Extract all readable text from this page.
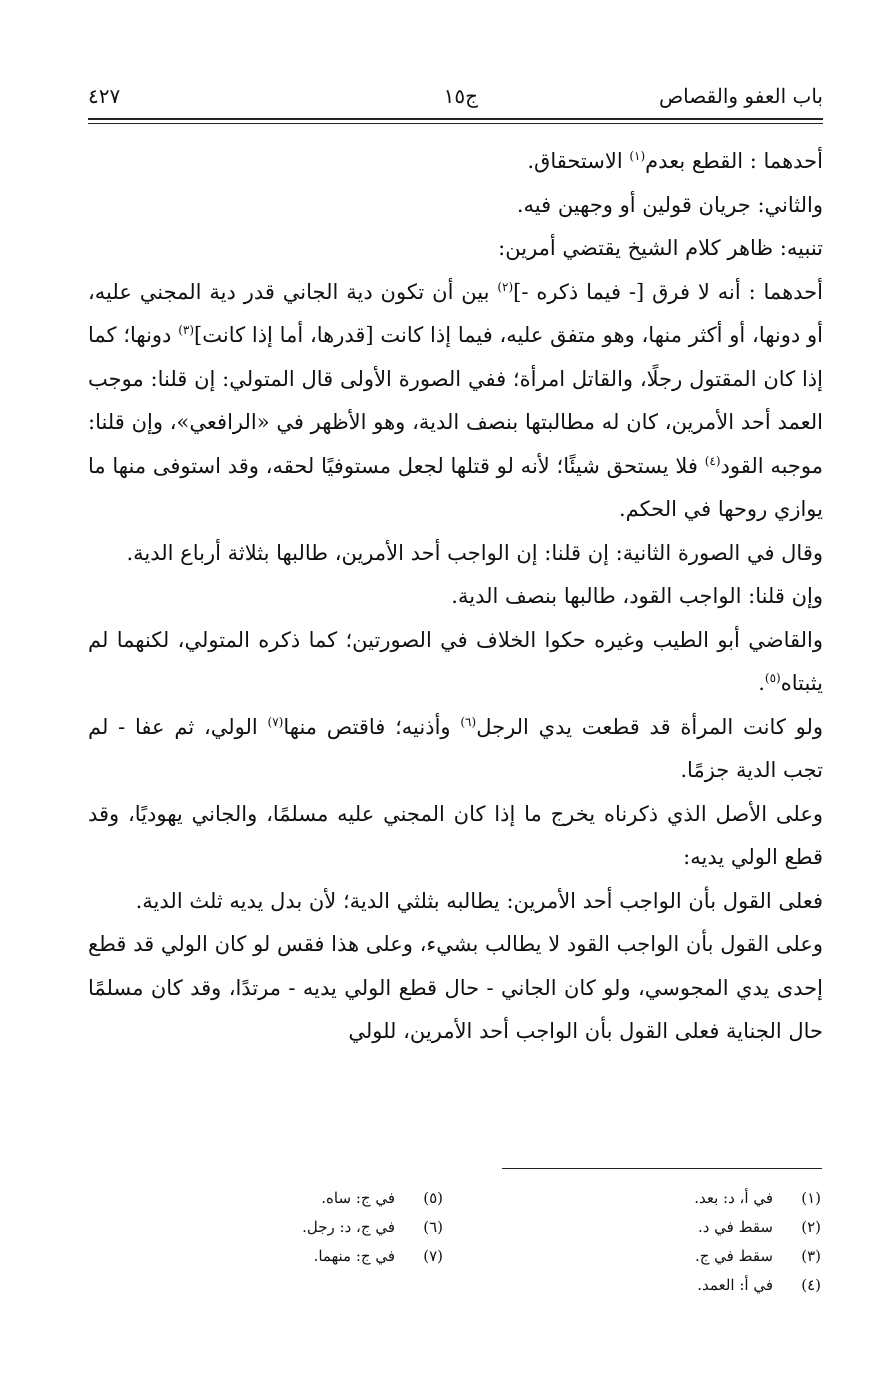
باب العفو والقصاص
ج١٥
٤٢٧

أحدهما : القطع بعدم$^{(١)}$ الاستحقاق.

والثاني: جريان قولين أو وجهين فيه.

تنبيه: ظاهر كلام الشيخ يقتضي أمرين:

أحدهما : أنه لا فرق [- فيما ذكره -]$^{(٢)}$ بين أن تكون دية الجاني قدر دية المجني عليه، أو دونها، أو أكثر منها، وهو متفق عليه، فيما إذا كانت [قدرها، أما إذا كانت]$^{(٣)}$ دونها؛ كما إذا كان المقتول رجلًا، والقاتل امرأة؛ ففي الصورة الأولى قال المتولي: إن قلنا: موجب العمد أحد الأمرين، كان له مطالبتها بنصف الدية، وهو الأظهر في «الرافعي»، وإن قلنا: موجبه القود$^{(٤)}$ فلا يستحق شيئًا؛ لأنه لو قتلها لجعل مستوفيًا لحقه، وقد استوفى منها ما يوازي روحها في الحكم.

وقال في الصورة الثانية: إن قلنا: إن الواجب أحد الأمرين، طالبها بثلاثة أرباع الدية.

وإن قلنا: الواجب القود، طالبها بنصف الدية.

والقاضي أبو الطيب وغيره حكوا الخلاف في الصورتين؛ كما ذكره المتولي، لكنهما لم يثبتاه$^{(٥)}$.

ولو كانت المرأة قد قطعت يدي الرجل$^{(٦)}$ وأذنيه؛ فاقتص منها$^{(٧)}$ الولي، ثم عفا - لم تجب الدية جزمًا.

وعلى الأصل الذي ذكرناه يخرج ما إذا كان المجني عليه مسلمًا، والجاني يهوديًا، وقد قطع الولي يديه:

فعلى القول بأن الواجب أحد الأمرين: يطالبه بثلثي الدية؛ لأن بدل يديه ثلث الدية.

وعلى القول بأن الواجب القود لا يطالب بشيء، وعلى هذا فقس لو كان الولي قد قطع إحدى يدي المجوسي، ولو كان الجاني - حال قطع الولي يديه - مرتدًا، وقد كان مسلمًا حال الجناية فعلى القول بأن الواجب أحد الأمرين، للولي

(١)
في أ، د: بعد.
(٢)
سقط في د.
(٣)
سقط في ج.
(٤)
في أ: العمد.
(٥)
في ج: ساه.
(٦)
في ج، د: رجل.
(٧)
في ج: منهما.
